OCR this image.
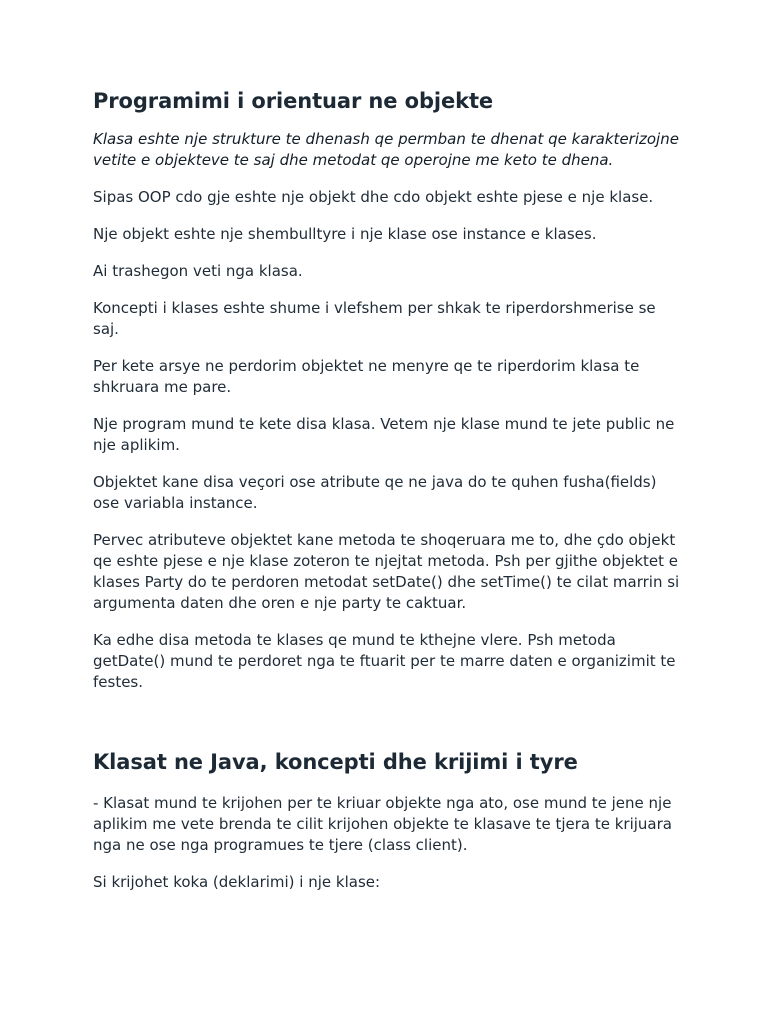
Programimi i orientuar ne objekte

Klasa eshte nje strukture te dhenash qe permban te dhenat qe karakterizojne vetite e objekteve te saj dhe metodat qe operojne me keto te dhena.

Sipas OOP cdo gje eshte nje objekt dhe cdo objekt eshte pjese e nje klase.

Nje objekt eshte nje shembulltyre i nje klase ose instance e klases.

Ai trashegon veti nga klasa.

Koncepti i klases eshte shume i vlefshem per shkak te riperdorshmerise se saj.

Per kete arsye ne perdorim objektet ne menyre qe te riperdorim klasa te shkruara me pare.

Nje program mund te kete disa klasa. Vetem nje klase mund te jete public ne nje aplikim.

Objektet kane disa veçori ose atribute qe ne java do te quhen fusha(fields) ose variabla instance.

Pervec atributeve objektet kane metoda te shoqeruara me to, dhe çdo objekt qe eshte pjese e nje klase zoteron te njejtat metoda. Psh per gjithe objektet e klases Party do te perdoren metodat setDate() dhe setTime() te cilat marrin si argumenta daten dhe oren e nje party te caktuar.

Ka edhe disa metoda te klases qe mund te kthejne vlere. Psh metoda getDate() mund te perdoret nga te ftuarit per te marre daten e organizimit te festes.

Klasat ne Java, koncepti dhe krijimi i tyre

- Klasat mund te krijohen per te kriuar objekte nga ato, ose mund te jene nje aplikim me vete brenda te cilit krijohen objekte te klasave te tjera te krijuara nga ne ose nga programues te tjere (class client).

Si krijohet koka (deklarimi) i nje klase:
